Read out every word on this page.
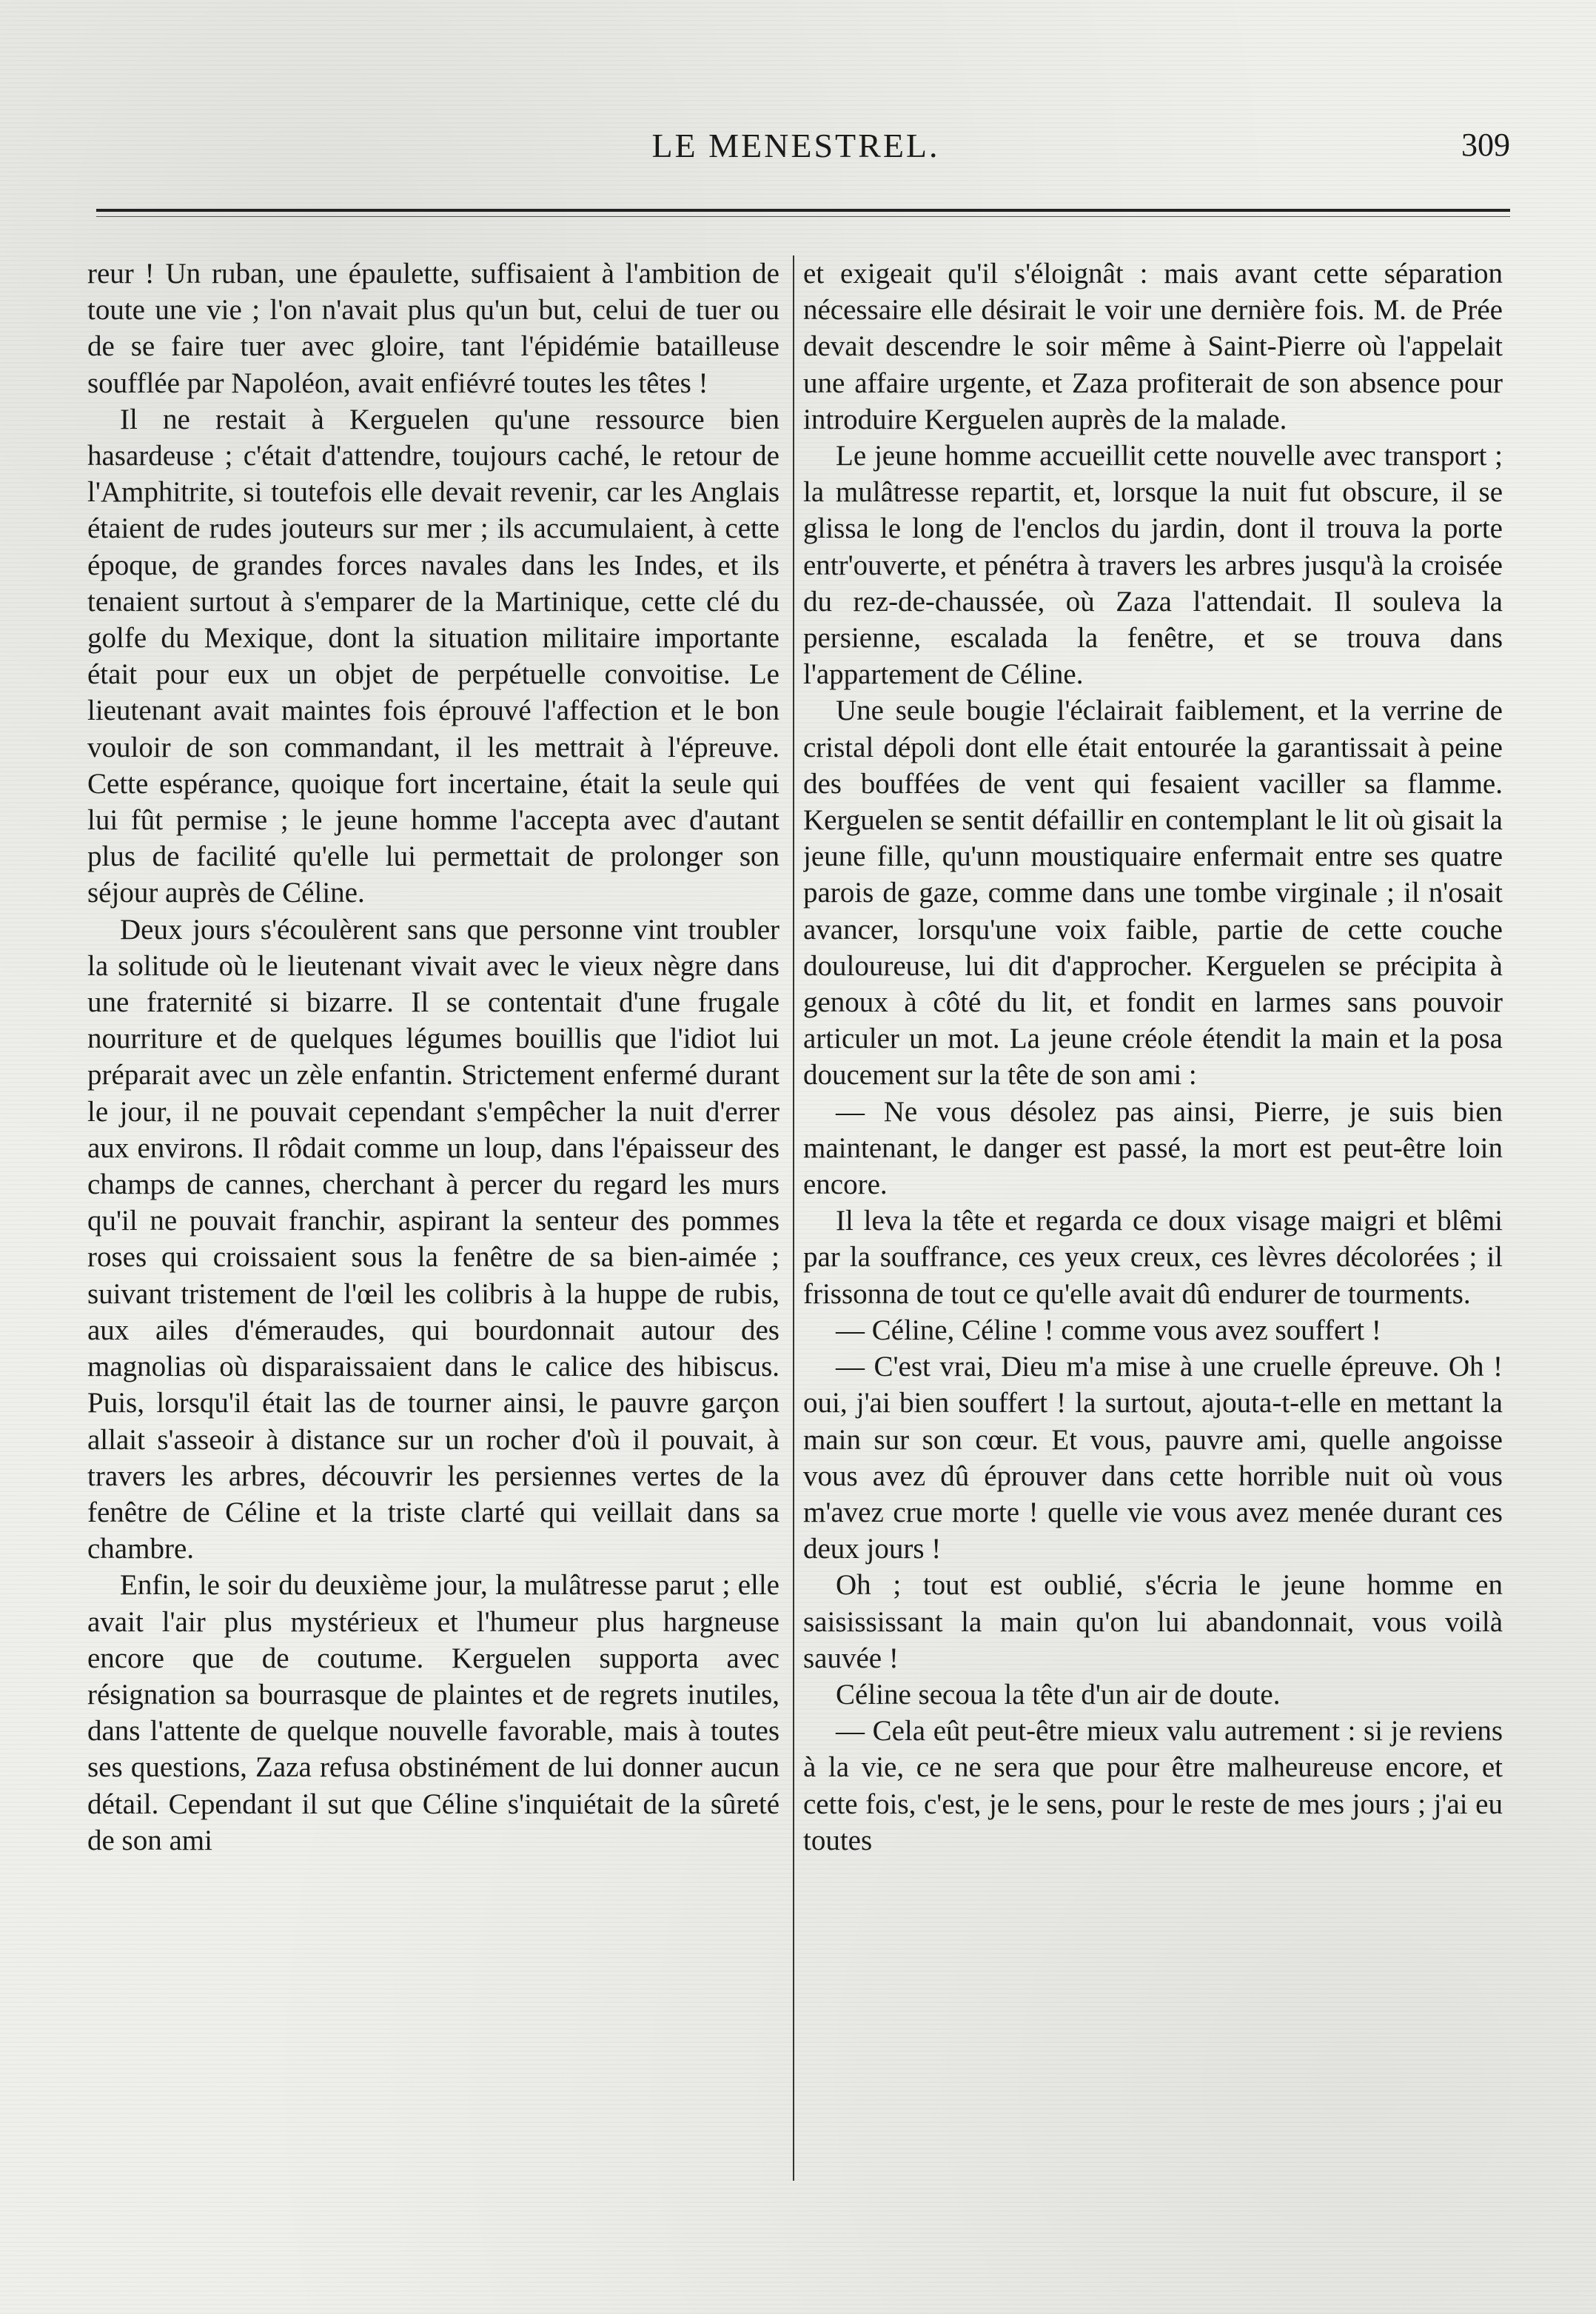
LE MENESTREL.	309

reur ! Un ruban, une épaulette, suffisaient à l'ambition de toute une vie ; l'on n'avait plus qu'un but, celui de tuer ou de se faire tuer avec gloire, tant l'épidémie batailleuse soufflée par Napoléon, avait enfiévré toutes les têtes !

Il ne restait à Kerguelen qu'une ressource bien hasardeuse ; c'était d'attendre, toujours caché, le retour de l'Amphitrite, si toutefois elle devait revenir, car les Anglais étaient de rudes jouteurs sur mer ; ils accumulaient, à cette époque, de grandes forces navales dans les Indes, et ils tenaient surtout à s'emparer de la Martinique, cette clé du golfe du Mexique, dont la situation militaire importante était pour eux un objet de perpétuelle convoitise. Le lieutenant avait maintes fois éprouvé l'affection et le bon vouloir de son commandant, il les mettrait à l'épreuve. Cette espérance, quoique fort incertaine, était la seule qui lui fût permise ; le jeune homme l'accepta avec d'autant plus de facilité qu'elle lui permettait de prolonger son séjour auprès de Céline.

Deux jours s'écoulèrent sans que personne vint troubler la solitude où le lieutenant vivait avec le vieux nègre dans une fraternité si bizarre. Il se contentait d'une frugale nourriture et de quelques légumes bouillis que l'idiot lui préparait avec un zèle enfantin. Strictement enfermé durant le jour, il ne pouvait cependant s'empêcher la nuit d'errer aux environs. Il rôdait comme un loup, dans l'épaisseur des champs de cannes, cherchant à percer du regard les murs qu'il ne pouvait franchir, aspirant la senteur des pommes roses qui croissaient sous la fenêtre de sa bien-aimée ; suivant tristement de l'œil les colibris à la huppe de rubis, aux ailes d'émeraudes, qui bourdonnait autour des magnolias où disparaissaient dans le calice des hibiscus. Puis, lorsqu'il était las de tourner ainsi, le pauvre garçon allait s'asseoir à distance sur un rocher d'où il pouvait, à travers les arbres, découvrir les persiennes vertes de la fenêtre de Céline et la triste clarté qui veillait dans sa chambre.

Enfin, le soir du deuxième jour, la mulâtresse parut ; elle avait l'air plus mystérieux et l'humeur plus hargneuse encore que de coutume. Kerguelen supporta avec résignation sa bourrasque de plaintes et de regrets inutiles, dans l'attente de quelque nouvelle favorable, mais à toutes ses questions, Zaza refusa obstinément de lui donner aucun détail. Cependant il sut que Céline s'inquiétait de la sûreté de son ami

et exigeait qu'il s'éloignât : mais avant cette séparation nécessaire elle désirait le voir une dernière fois. M. de Prée devait descendre le soir même à Saint-Pierre où l'appelait une affaire urgente, et Zaza profiterait de son absence pour introduire Kerguelen auprès de la malade.

Le jeune homme accueillit cette nouvelle avec transport ; la mulâtresse repartit, et, lorsque la nuit fut obscure, il se glissa le long de l'enclos du jardin, dont il trouva la porte entr'ouverte, et pénétra à travers les arbres jusqu'à la croisée du rez-de-chaussée, où Zaza l'attendait. Il souleva la persienne, escalada la fenêtre, et se trouva dans l'appartement de Céline.

Une seule bougie l'éclairait faiblement, et la verrine de cristal dépoli dont elle était entourée la garantissait à peine des bouffées de vent qui fesaient vaciller sa flamme. Kerguelen se sentit défaillir en contemplant le lit où gisait la jeune fille, qu'unn moustiquaire enfermait entre ses quatre parois de gaze, comme dans une tombe virginale ; il n'osait avancer, lorsqu'une voix faible, partie de cette couche douloureuse, lui dit d'approcher. Kerguelen se précipita à genoux à côté du lit, et fondit en larmes sans pouvoir articuler un mot. La jeune créole étendit la main et la posa doucement sur la tête de son ami :

— Ne vous désolez pas ainsi, Pierre, je suis bien maintenant, le danger est passé, la mort est peut-être loin encore.

Il leva la tête et regarda ce doux visage maigri et blêmi par la souffrance, ces yeux creux, ces lèvres décolorées ; il frissonna de tout ce qu'elle avait dû endurer de tourments.

— Céline, Céline ! comme vous avez souffert !

— C'est vrai, Dieu m'a mise à une cruelle épreuve. Oh ! oui, j'ai bien souffert ! la surtout, ajouta-t-elle en mettant la main sur son cœur. Et vous, pauvre ami, quelle angoisse vous avez dû éprouver dans cette horrible nuit où vous m'avez crue morte ! quelle vie vous avez menée durant ces deux jours !

Oh ; tout est oublié, s'écria le jeune homme en saisississant la main qu'on lui abandonnait, vous voilà sauvée !

Céline secoua la tête d'un air de doute.

— Cela eût peut-être mieux valu autrement : si je reviens à la vie, ce ne sera que pour être malheureuse encore, et cette fois, c'est, je le sens, pour le reste de mes jours ; j'ai eu toutes
